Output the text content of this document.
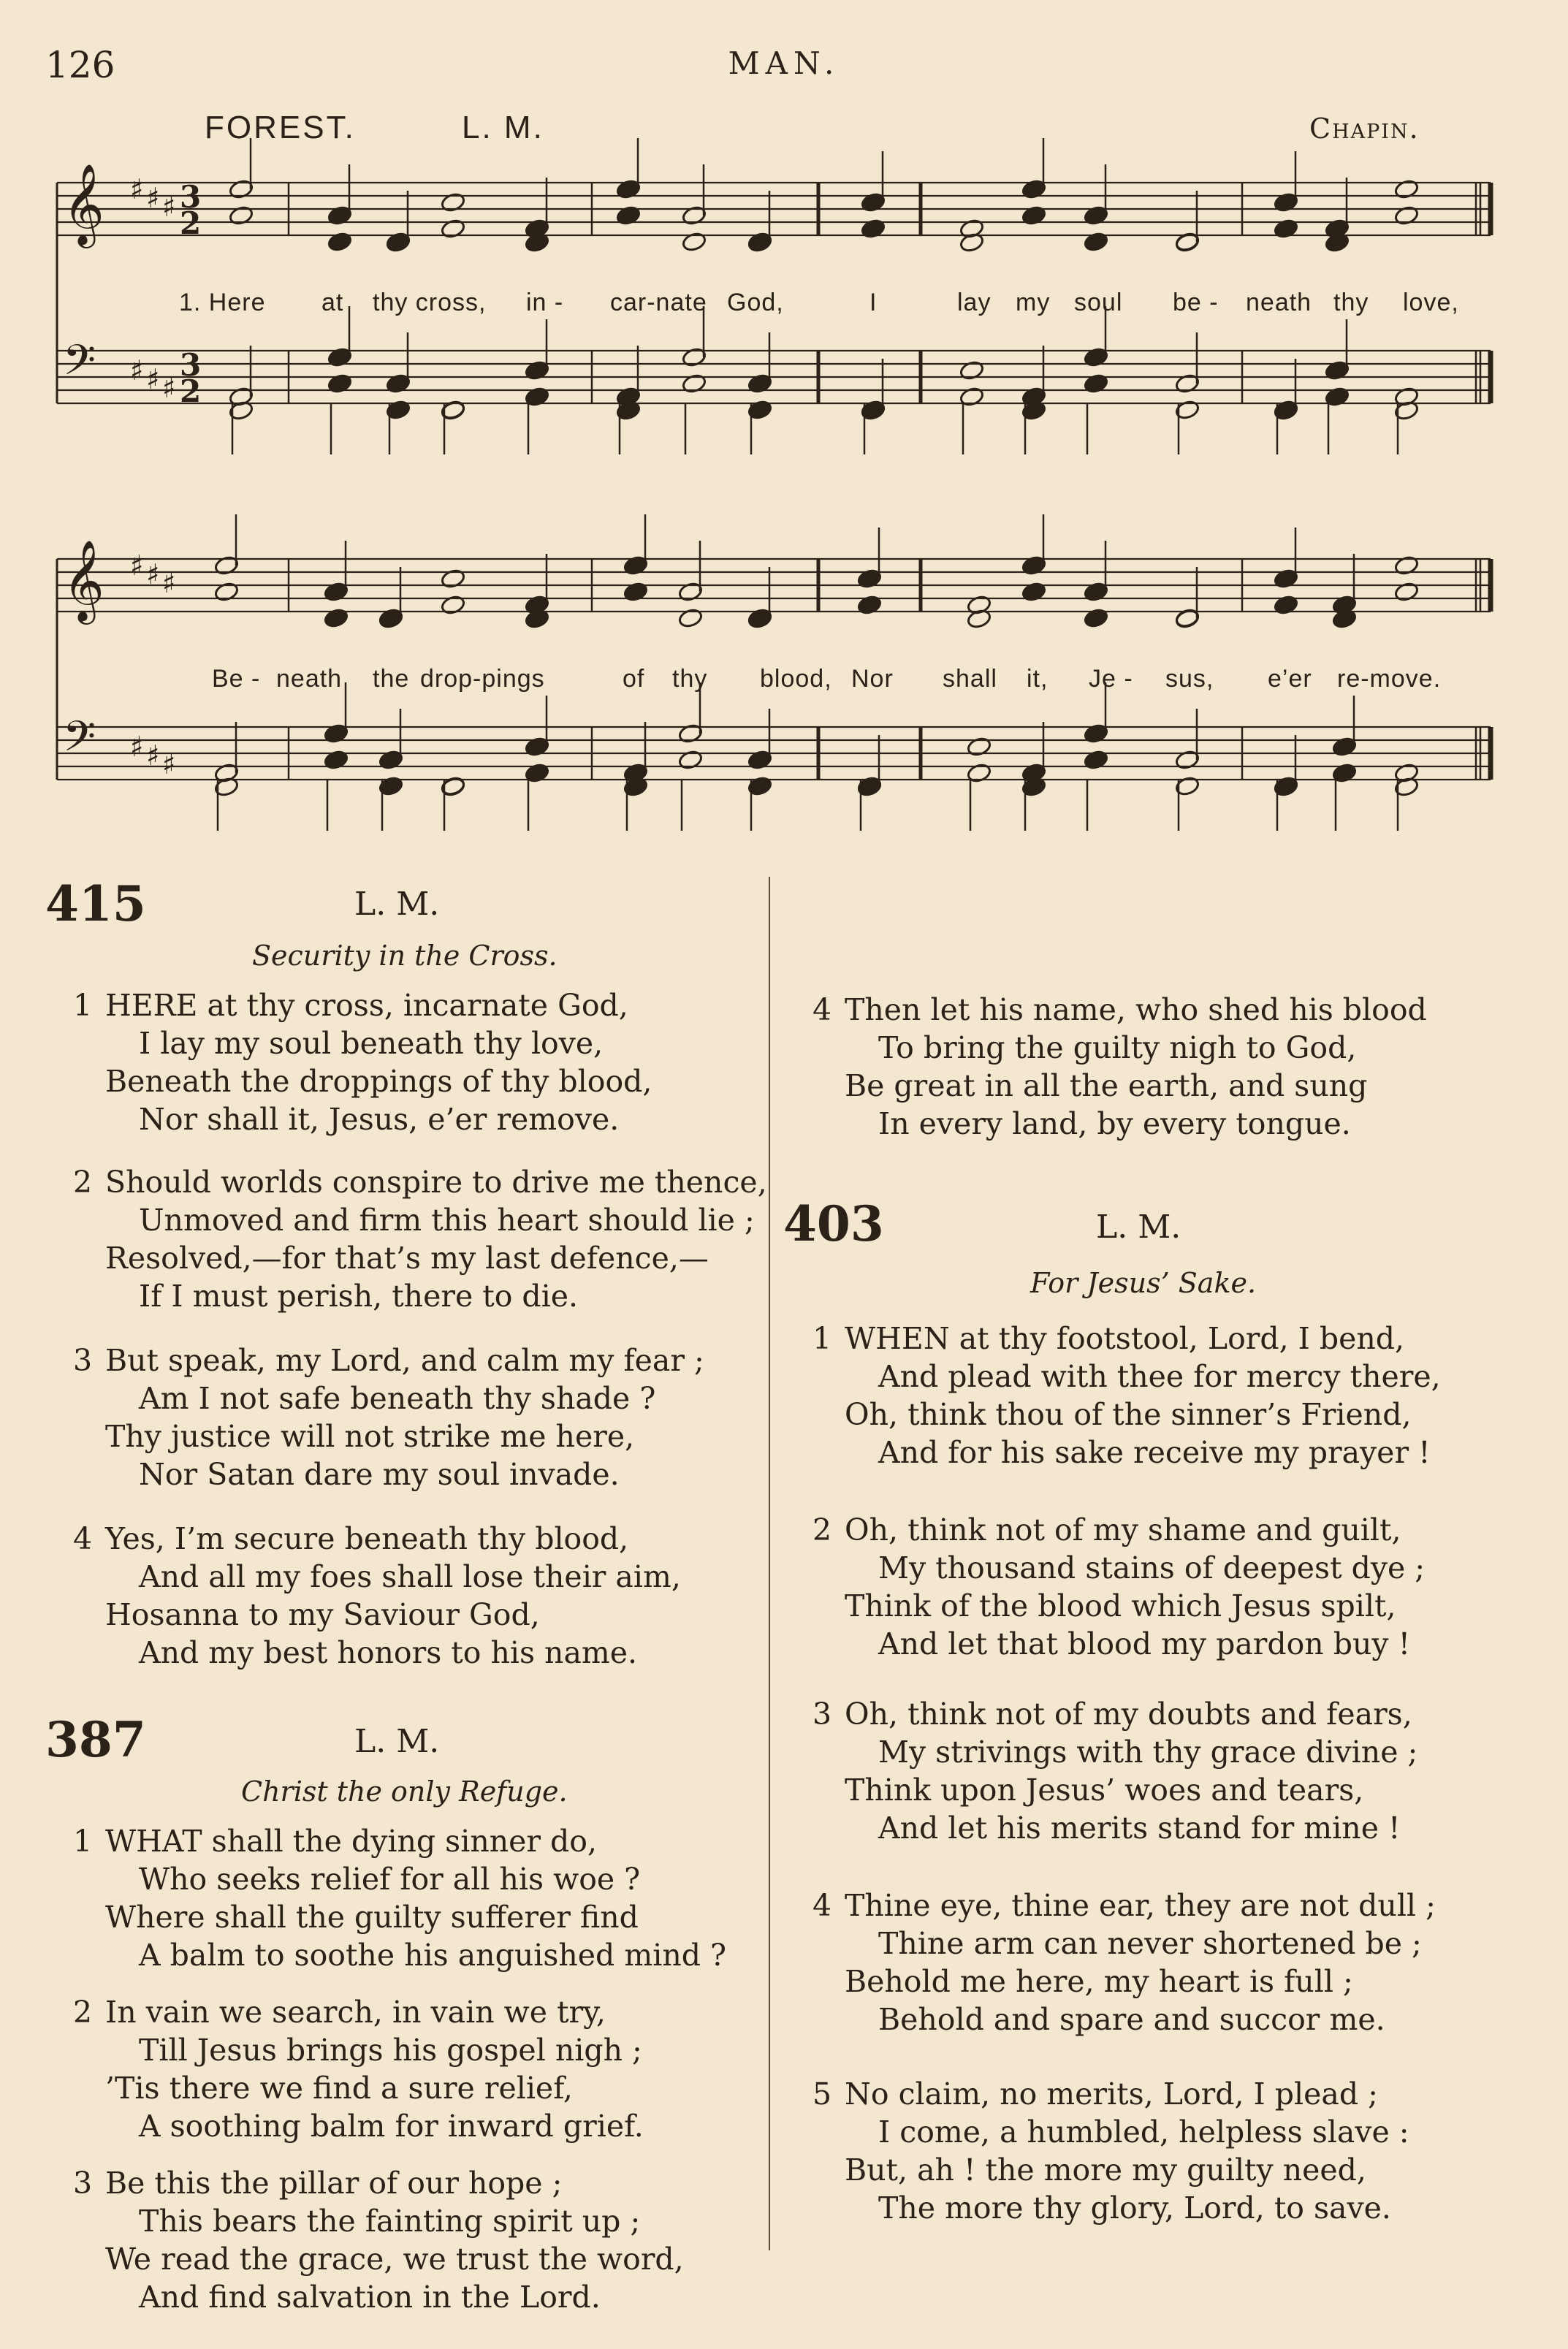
126	MAN.
FOREST.	L. M.	Chapin.
𝄞 ♯ ♯ ♯ 3
2
𝄢 ♯ ♯ ♯
3
2
𝄞 ♯ ♯ ♯
𝄢 ♯ ♯ ♯
1. Here at thy cross, in - car-nate God,	I	lay my soul be - neath thy love,
Be - neath the drop-pings	of thy blood, Nor shall it, Je - sus, e’er re-move.
415	L. M.
Security in the Cross.
1 HERE at thy cross, incarnate God,
I lay my soul beneath thy love,
Beneath the droppings of thy blood,
Nor shall it, Jesus, e’er remove.
2 Should worlds conspire to drive me thence,
Unmoved and firm this heart should lie ;
Resolved,—for that’s my last defence,—
If I must perish, there to die.
3 But speak, my Lord, and calm my fear ;
Am I not safe beneath thy shade ?
Thy justice will not strike me here,
Nor Satan dare my soul invade.
4 Yes, I’m secure beneath thy blood,
And all my foes shall lose their aim,
Hosanna to my Saviour God,
And my best honors to his name.
387	L. M.
Christ the only Refuge.
1 WHAT shall the dying sinner do,
Who seeks relief for all his woe ?
Where shall the guilty sufferer find
A balm to soothe his anguished mind ?
2 In vain we search, in vain we try,
Till Jesus brings his gospel nigh ;
’Tis there we find a sure relief,
A soothing balm for inward grief.
3 Be this the pillar of our hope ;
This bears the fainting spirit up ;
We read the grace, we trust the word,
And find salvation in the Lord.
4 Then let his name, who shed his blood
To bring the guilty nigh to God,
Be great in all the earth, and sung
In every land, by every tongue.
403	L. M.
For Jesus’ Sake.
1 WHEN at thy footstool, Lord, I bend,
And plead with thee for mercy there,
Oh, think thou of the sinner’s Friend,
And for his sake receive my prayer !
2 Oh, think not of my shame and guilt,
My thousand stains of deepest dye ;
Think of the blood which Jesus spilt,
And let that blood my pardon buy !
3 Oh, think not of my doubts and fears,
My strivings with thy grace divine ;
Think upon Jesus’ woes and tears,
And let his merits stand for mine !
4 Thine eye, thine ear, they are not dull ;
Thine arm can never shortened be ;
Behold me here, my heart is full ;
Behold and spare and succor me.
5 No claim, no merits, Lord, I plead ;
I come, a humbled, helpless slave :
But, ah ! the more my guilty need,
The more thy glory, Lord, to save.
